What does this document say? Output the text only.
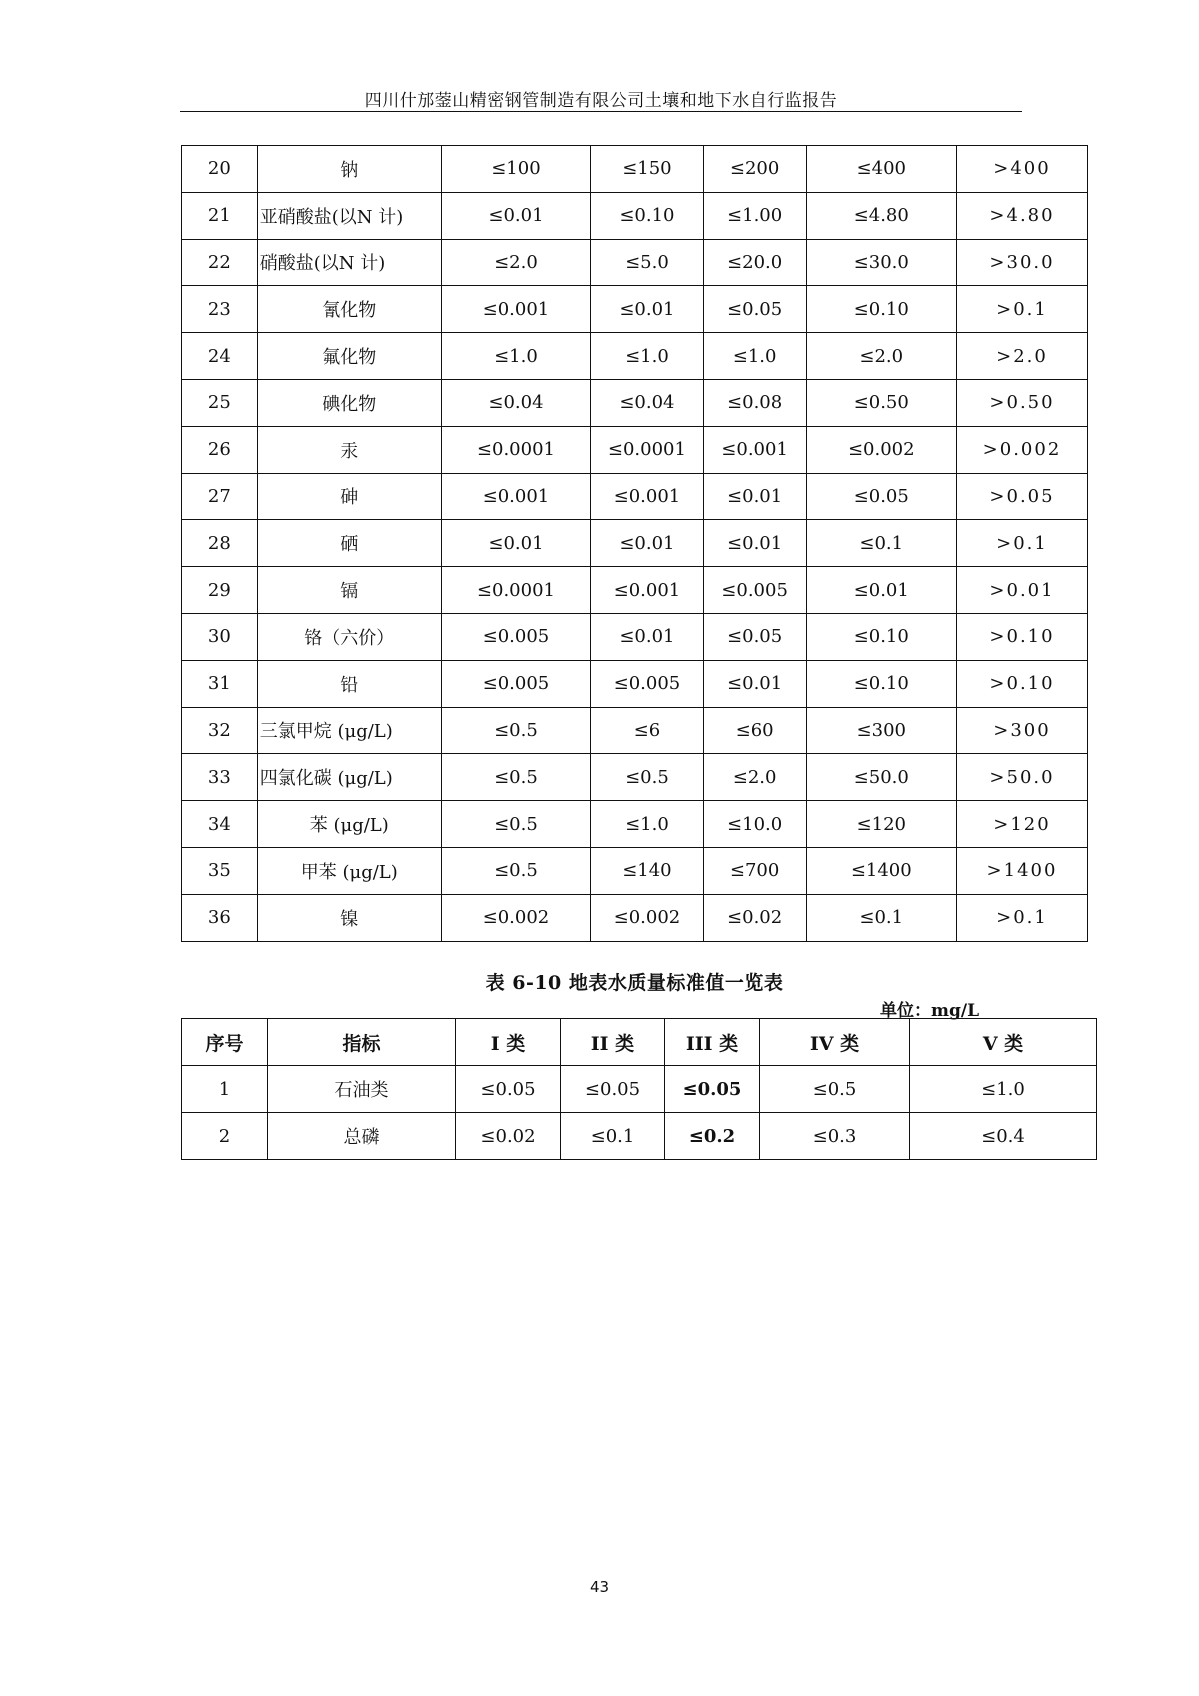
四川什邡蓥山精密钢管制造有限公司土壤和地下水自行监报告
20	钠	≤100	≤150	≤200	≤400	>400
21	亚硝酸盐(以N 计)	≤0.01	≤0.10	≤1.00	≤4.80	>4.80
22	硝酸盐(以N 计)	≤2.0	≤5.0	≤20.0	≤30.0	>30.0
23	氰化物	≤0.001	≤0.01	≤0.05	≤0.10	>0.1
24	氟化物	≤1.0	≤1.0	≤1.0	≤2.0	>2.0
25	碘化物	≤0.04	≤0.04	≤0.08	≤0.50	>0.50
26	汞	≤0.0001	≤0.0001	≤0.001	≤0.002	>0.002
27	砷	≤0.001	≤0.001	≤0.01	≤0.05	>0.05
28	硒	≤0.01	≤0.01	≤0.01	≤0.1	>0.1
29	镉	≤0.0001	≤0.001	≤0.005	≤0.01	>0.01
30	铬（六价）	≤0.005	≤0.01	≤0.05	≤0.10	>0.10
31	铅	≤0.005	≤0.005	≤0.01	≤0.10	>0.10
32	三氯甲烷 (μg/L)	≤0.5	≤6	≤60	≤300	>300
33	四氯化碳 (μg/L)	≤0.5	≤0.5	≤2.0	≤50.0	>50.0
34	苯 (μg/L)	≤0.5	≤1.0	≤10.0	≤120	>120
35	甲苯 (μg/L)	≤0.5	≤140	≤700	≤1400	>1400
36	镍	≤0.002	≤0.002	≤0.02	≤0.1	>0.1
表 6-10 地表水质量标准值一览表
单位：mg/L
序号	指标	I 类	II 类	III 类	IV 类	V 类
1	石油类	≤0.05	≤0.05	≤0.05	≤0.5	≤1.0
2	总磷	≤0.02	≤0.1	≤0.2	≤0.3	≤0.4
43
